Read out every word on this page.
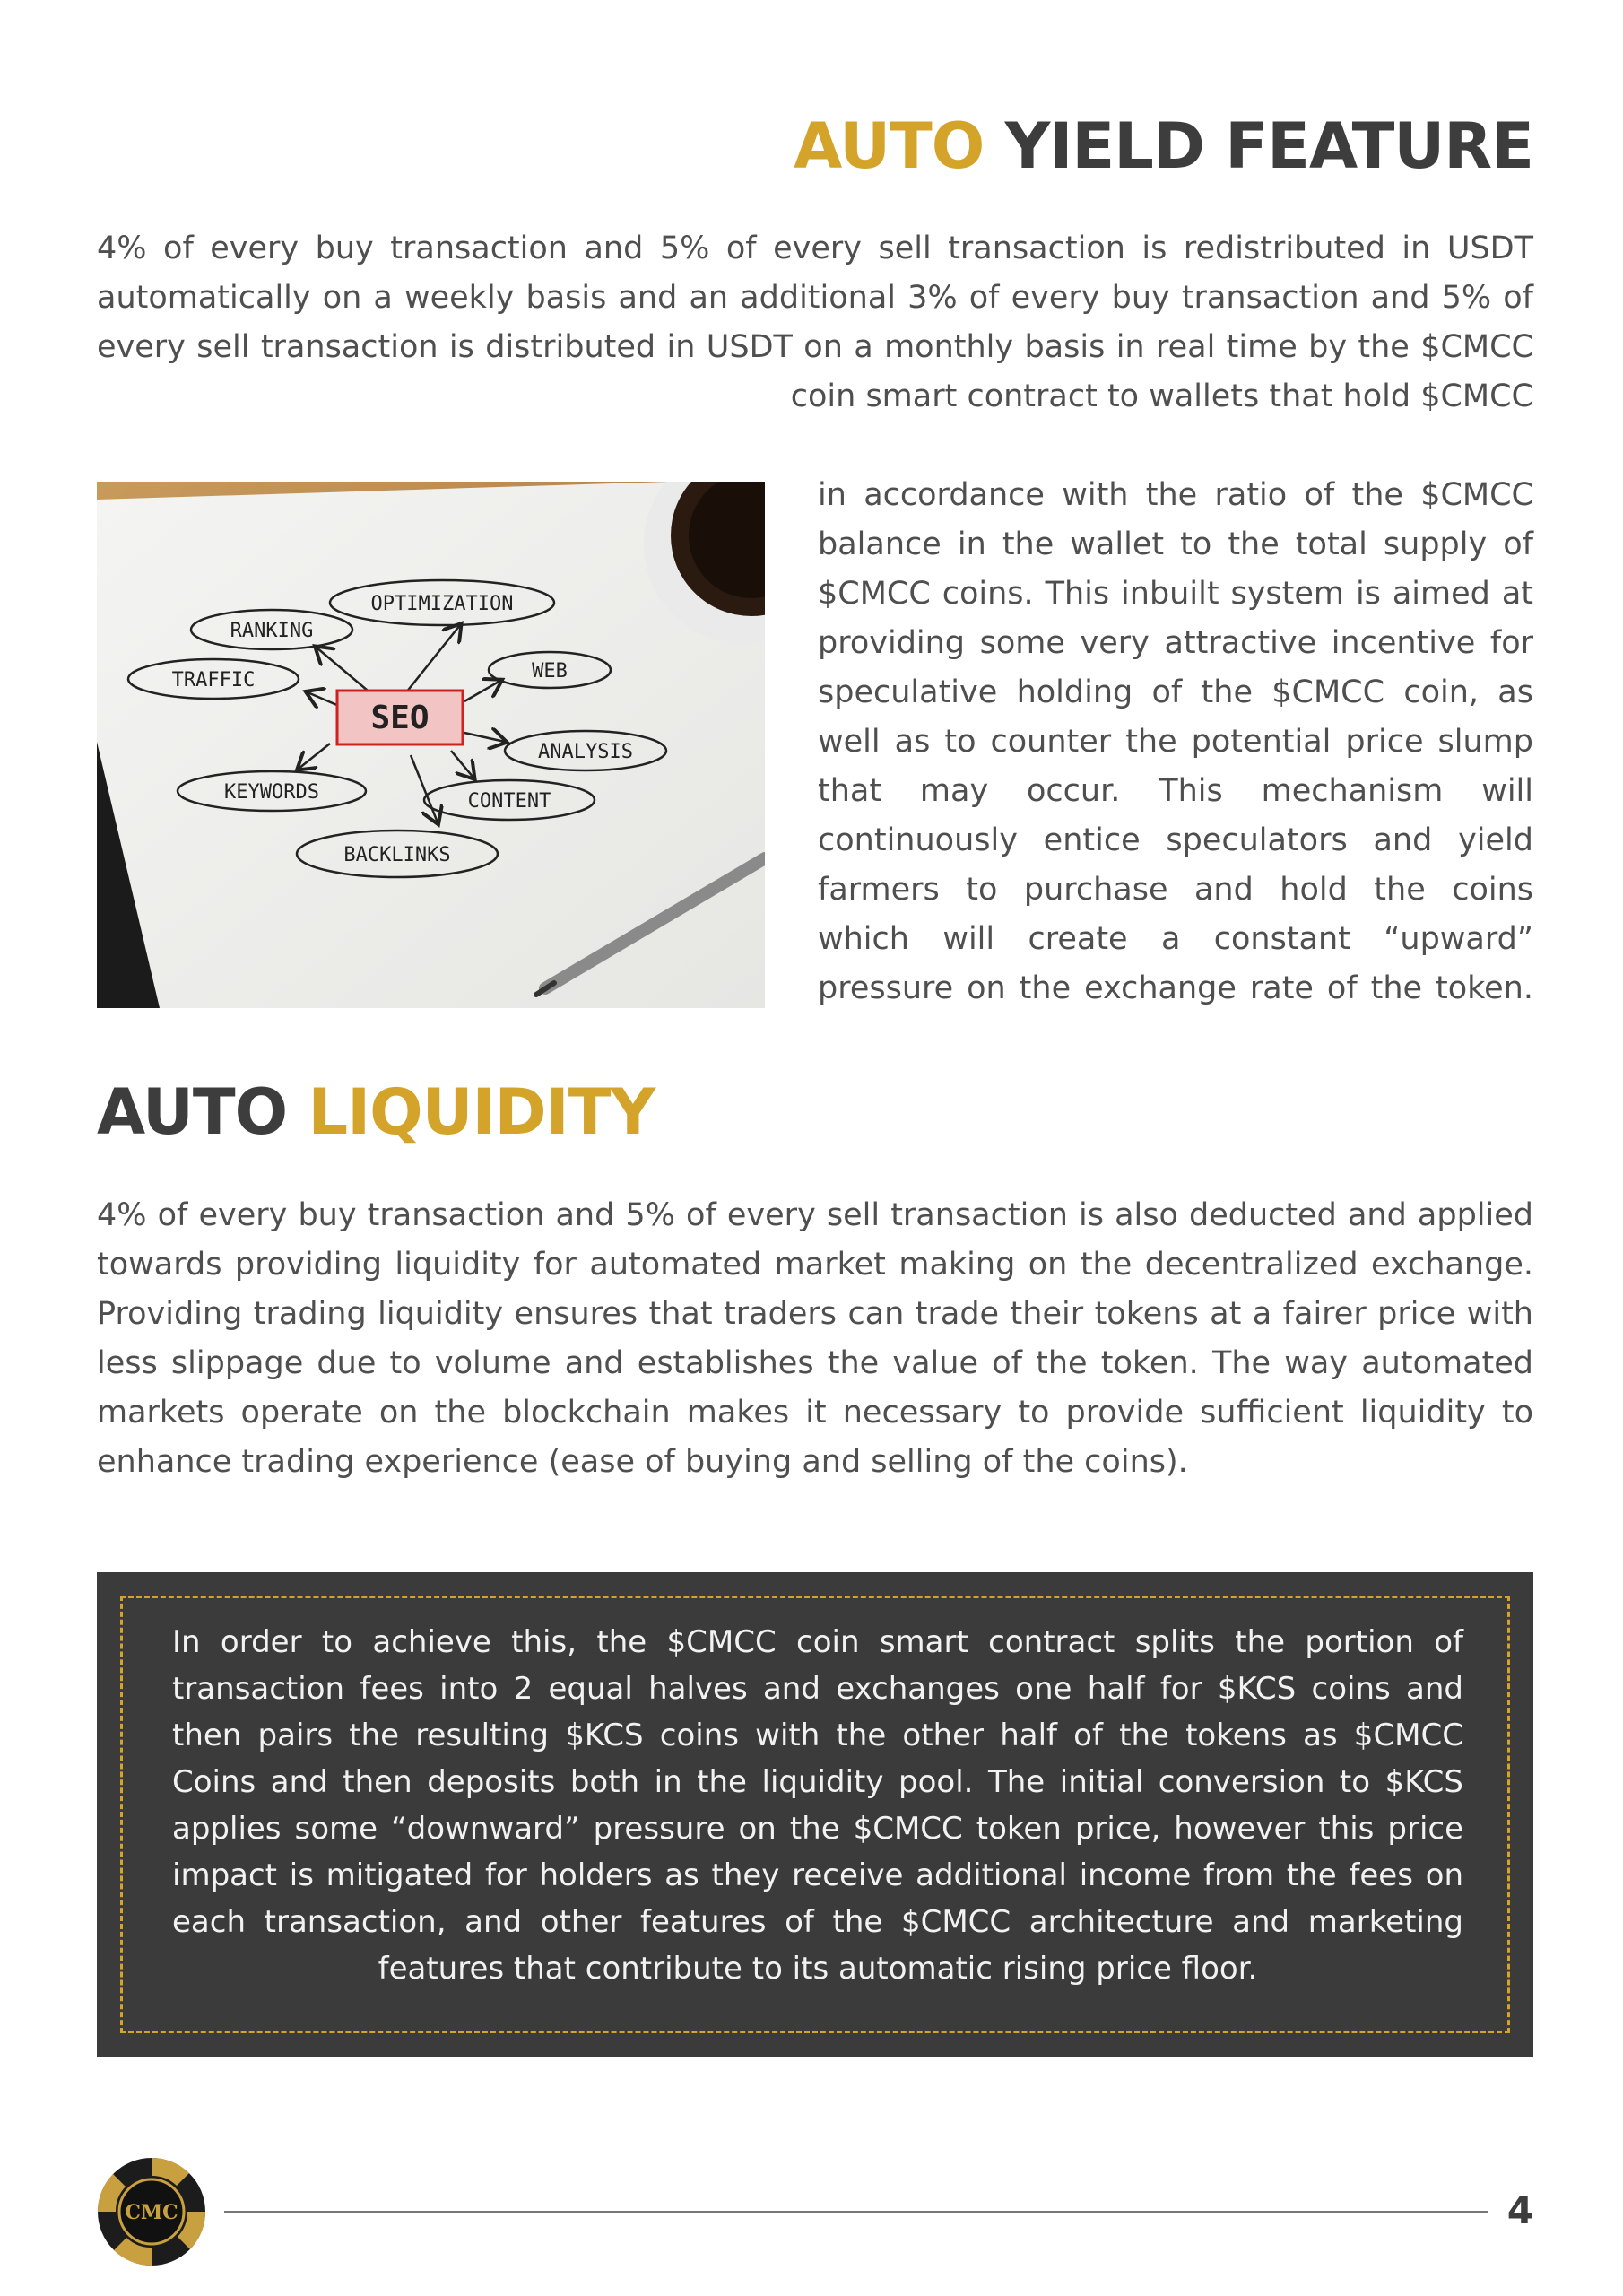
AUTO YIELD FEATURE

4% of every buy transaction and 5% of every sell transaction is redistributed in USDT automatically on a weekly basis and an additional 3% of every buy transaction and 5% of every sell transaction is distributed in USDT on a monthly basis in real time by the $CMCC coin smart contract to wallets that hold $CMCC

OPTIMIZATION
RANKING
WEB
TRAFFIC
ANALYSIS
KEYWORDS	CONTENT
BACKLINKS
SEO

in accordance with the ratio of the $CMCC balance in the wallet to the total supply of $CMCC coins. This inbuilt system is aimed at providing some very attractive incentive for speculative holding of the $CMCC coin, as well as to counter the potential price slump that may occur. This mechanism will continuously entice speculators and yield farmers to purchase and hold the coins which will create a constant “upward” pressure on the exchange rate of the token.

AUTO LIQUIDITY

4% of every buy transaction and 5% of every sell transaction is also deducted and applied towards providing liquidity for automated market making on the decentralized exchange. Providing trading liquidity ensures that traders can trade their tokens at a fairer price with less slippage due to volume and establishes the value of the token. The way automated markets operate on the blockchain makes it necessary to provide sufficient liquidity to enhance trading experience (ease of buying and selling of the coins).

In order to achieve this, the $CMCC coin smart contract splits the portion of transaction fees into 2 equal halves and exchanges one half for $KCS coins and then pairs the resulting $KCS coins with the other half of the tokens as $CMCC Coins and then deposits both in the liquidity pool. The initial conversion to $KCS applies some “downward” pressure on the $CMCC token price, however this price impact is mitigated for holders as they receive additional income from the fees on each transaction, and other features of the $CMCC architecture and marketing features that contribute to its automatic rising price floor.

CMC	4
